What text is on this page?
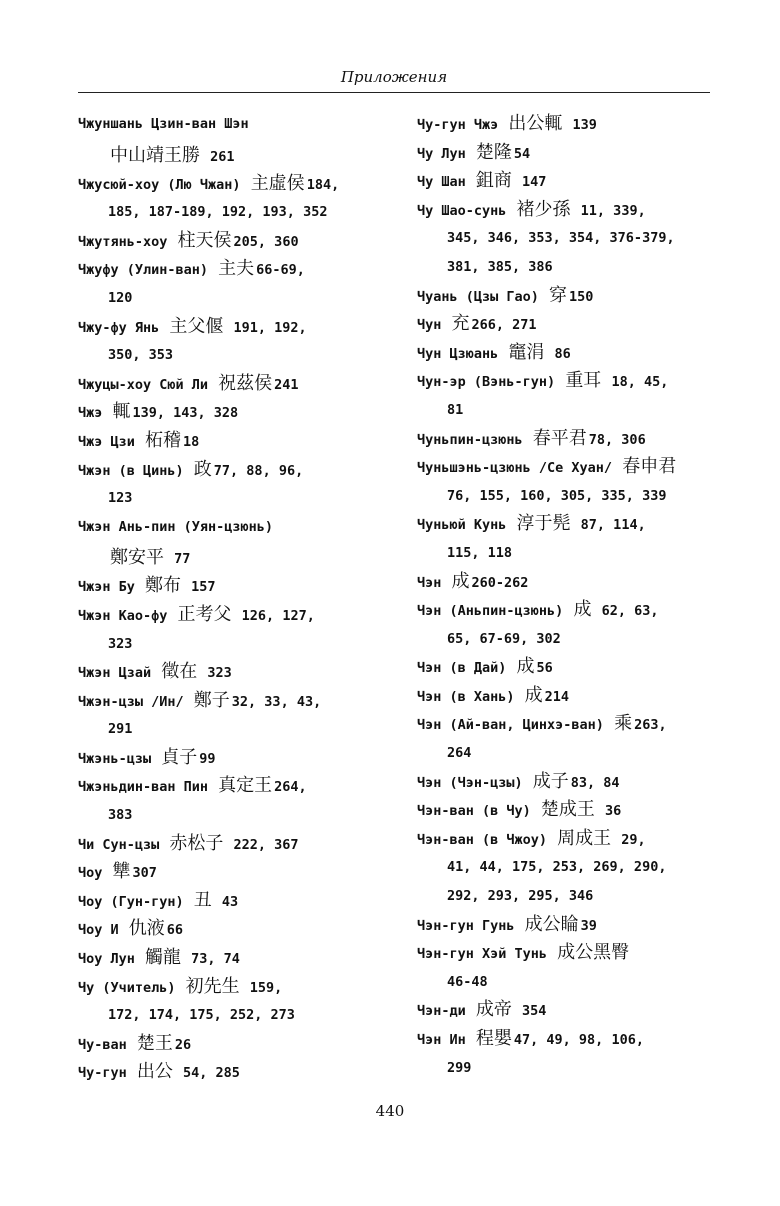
Приложения
Чжуншань Цзин-ван Шэн
中山靖王勝 261
Чжусюй-хоу (Лю Чжан) 主虛侯 184,
185, 187-189, 192, 193, 352
Чжутянь-хоу 柱天侯 205, 360
Чжуфу (Улин-ван) 主夫 66-69,
120
Чжу-фу Янь 主父偃 191, 192,
350, 353
Чжуцы-хоу Сюй Ли 祝茲侯 241
Чжэ 輒 139, 143, 328
Чжэ Цзи 柘稽 18
Чжэн (в Цинь) 政 77, 88, 96,
123
Чжэн Ань-пин (Уян-цзюнь)
鄭安平 77
Чжэн Бу 鄭布 157
Чжэн Као-фу 正考父 126, 127,
323
Чжэн Цзай 徵在 323
Чжэн-цзы /Ин/ 鄭子 32, 33, 43,
291
Чжэнь-цзы 貞子 99
Чжэньдин-ван Пин 真定王 264,
383
Чи Сун-цзы 赤松子 222, 367
Чоу 犨 307
Чоу (Гун-гун) 丑 43
Чоу И 仇液 66
Чоу Лун 觸龍 73, 74
Чу (Учитель) 初先生 159,
172, 174, 175, 252, 273
Чу-ван 楚王 26
Чу-гун 出公 54, 285
Чу-гун Чжэ 出公輒 139
Чу Лун 楚隆 54
Чу Шан 鉏商 147
Чу Шао-сунь 褚少孫 11, 339,
345, 346, 353, 354, 376-379,
381, 385, 386
Чуань (Цзы Гао) 穿 150
Чун 充 266, 271
Чун Цзюань 竈涓 86
Чун-эр (Вэнь-гун) 重耳 18, 45,
81
Чуньпин-цзюнь 春平君 78, 306
Чуньшэнь-цзюнь /Се Хуан/ 春申君
76, 155, 160, 305, 335, 339
Чуньюй Кунь 淳于髡 87, 114,
115, 118
Чэн 成 260-262
Чэн (Аньпин-цзюнь) 成 62, 63,
65, 67-69, 302
Чэн (в Дай) 成 56
Чэн (в Хань) 成 214
Чэн (Ай-ван, Цинхэ-ван) 乘 263,
264
Чэн (Чэн-цзы) 成子 83, 84
Чэн-ван (в Чу) 楚成王 36
Чэн-ван (в Чжоу) 周成王 29,
41, 44, 175, 253, 269, 290,
292, 293, 295, 346
Чэн-гун Гунь 成公睔 39
Чэн-гун Хэй Тунь 成公黑臀
46-48
Чэн-ди 成帝 354
Чэн Ин 程嬰 47, 49, 98, 106,
299
440
